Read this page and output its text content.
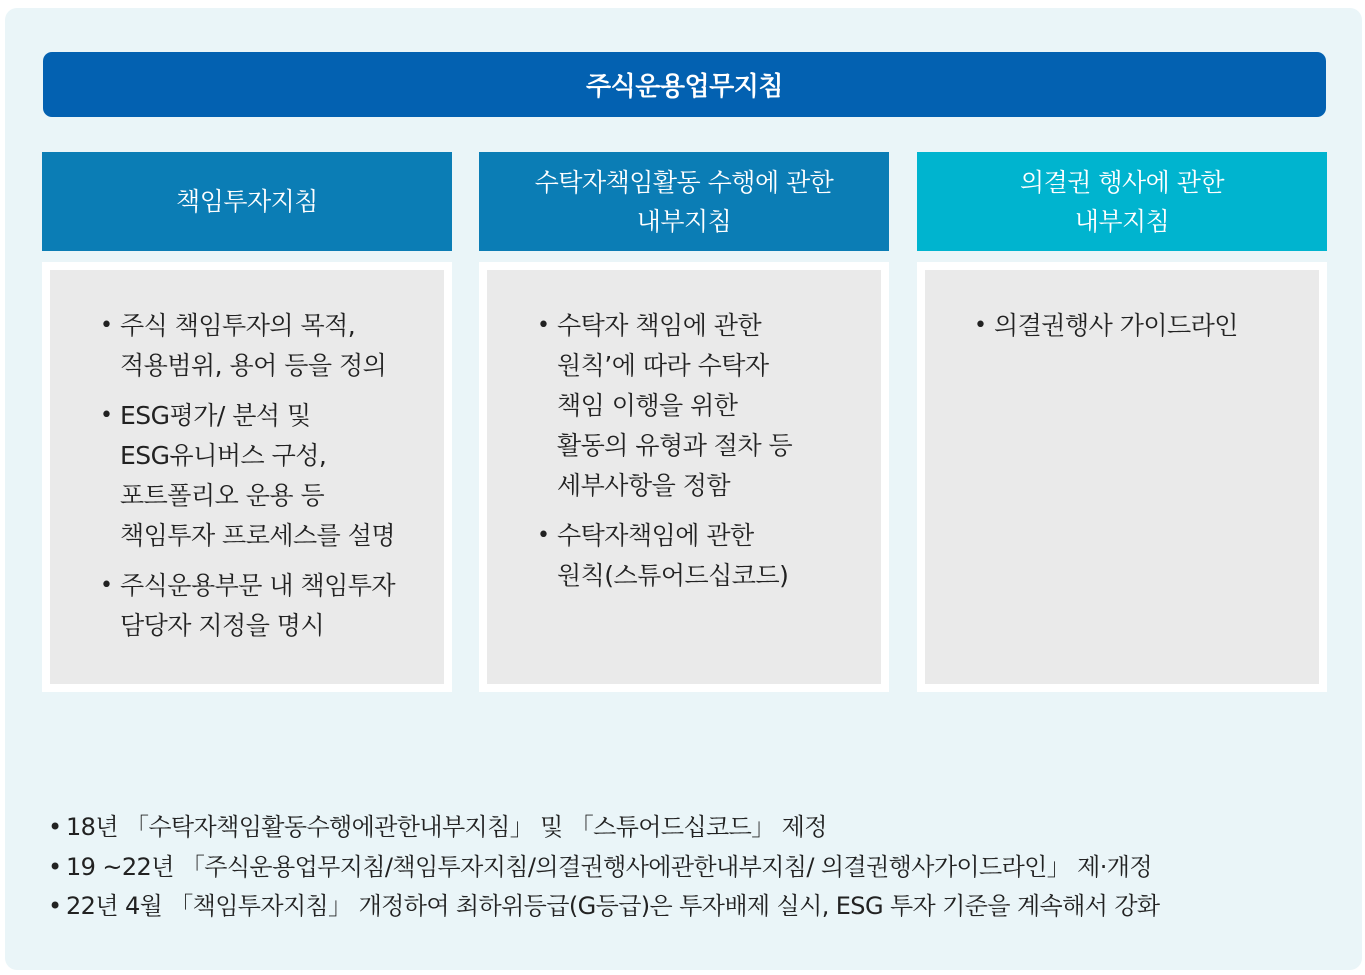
주식운용업무지침
책임투자지침
수탁자책임활동 수행에 관한
내부지침
의결권 행사에 관한
내부지침
• 주식 책임투자의 목적,
적용범위, 용어 등을 정의
• ESG평가/ 분석 및
ESG유니버스 구성,
포트폴리오 운용 등
책임투자 프로세스를 설명
• 주식운용부문 내 책임투자
담당자 지정을 명시
• 수탁자 책임에 관한
원칙’에 따라 수탁자
책임 이행을 위한
활동의 유형과 절차 등
세부사항을 정함
• 수탁자책임에 관한
원칙(스튜어드십코드)
• 의결권행사 가이드라인
• 18년 「수탁자책임활동수행에관한내부지침」 및 「스튜어드십코드」 제정
• 19 ~22년 「주식운용업무지침/책임투자지침/의결권행사에관한내부지침/ 의결권행사가이드라인」 제·개정
• 22년 4월 「책임투자지침」 개정하여 최하위등급(G등급)은 투자배제 실시, ESG 투자 기준을 계속해서 강화
